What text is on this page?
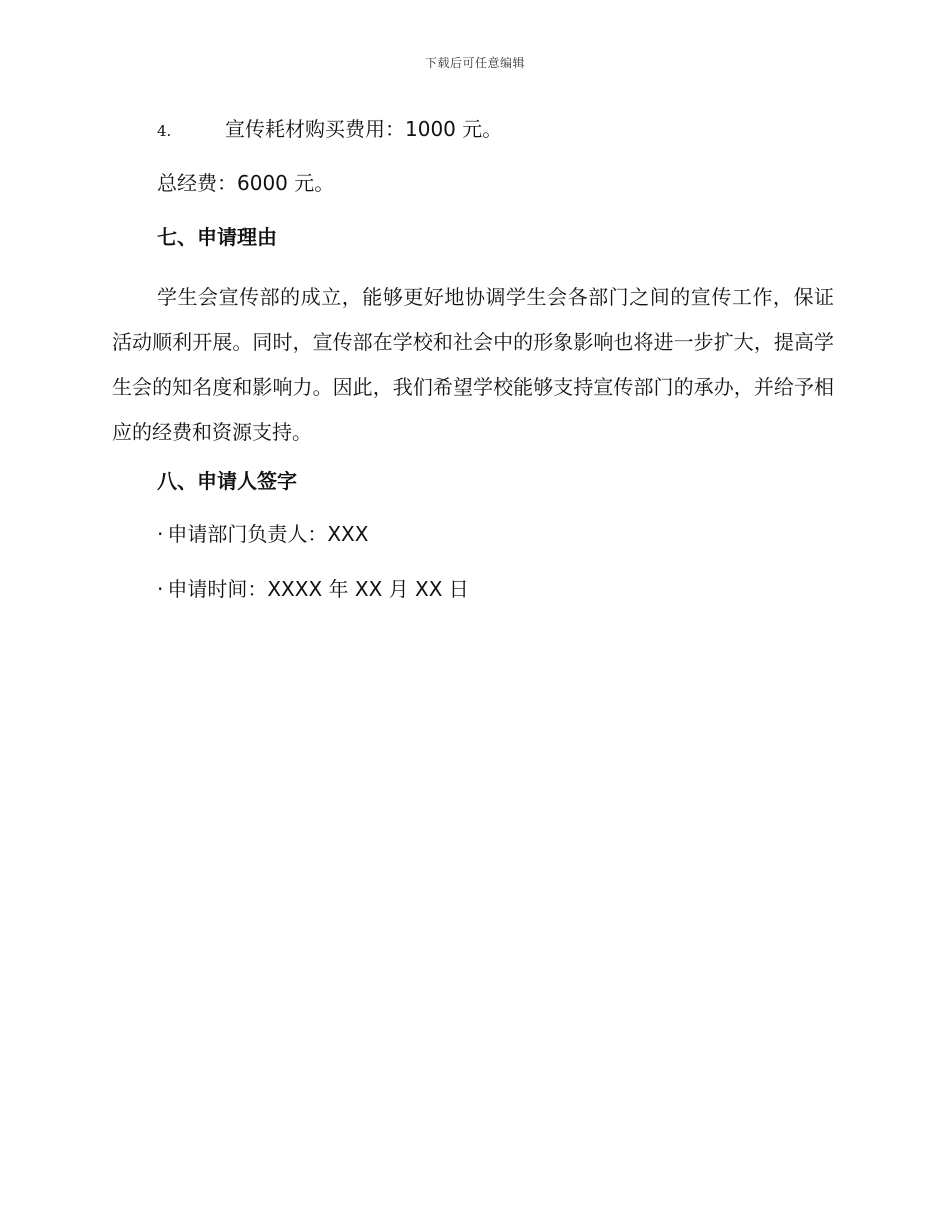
下载后可任意编辑
4.	宣传耗材购买费用：1000 元。
总经费：6000 元。
七、申请理由

学生会宣传部的成立，能够更好地协调学生会各部门之间的宣传工作，保证活动顺利开展。同时，宣传部在学校和社会中的形象影响也将进一步扩大，提高学生会的知名度和影响力。因此，我们希望学校能够支持宣传部门的承办，并给予相应的经费和资源支持。

八、申请人签字
· 申请部门负责人：XXX
· 申请时间：XXXX 年 XX 月 XX 日
